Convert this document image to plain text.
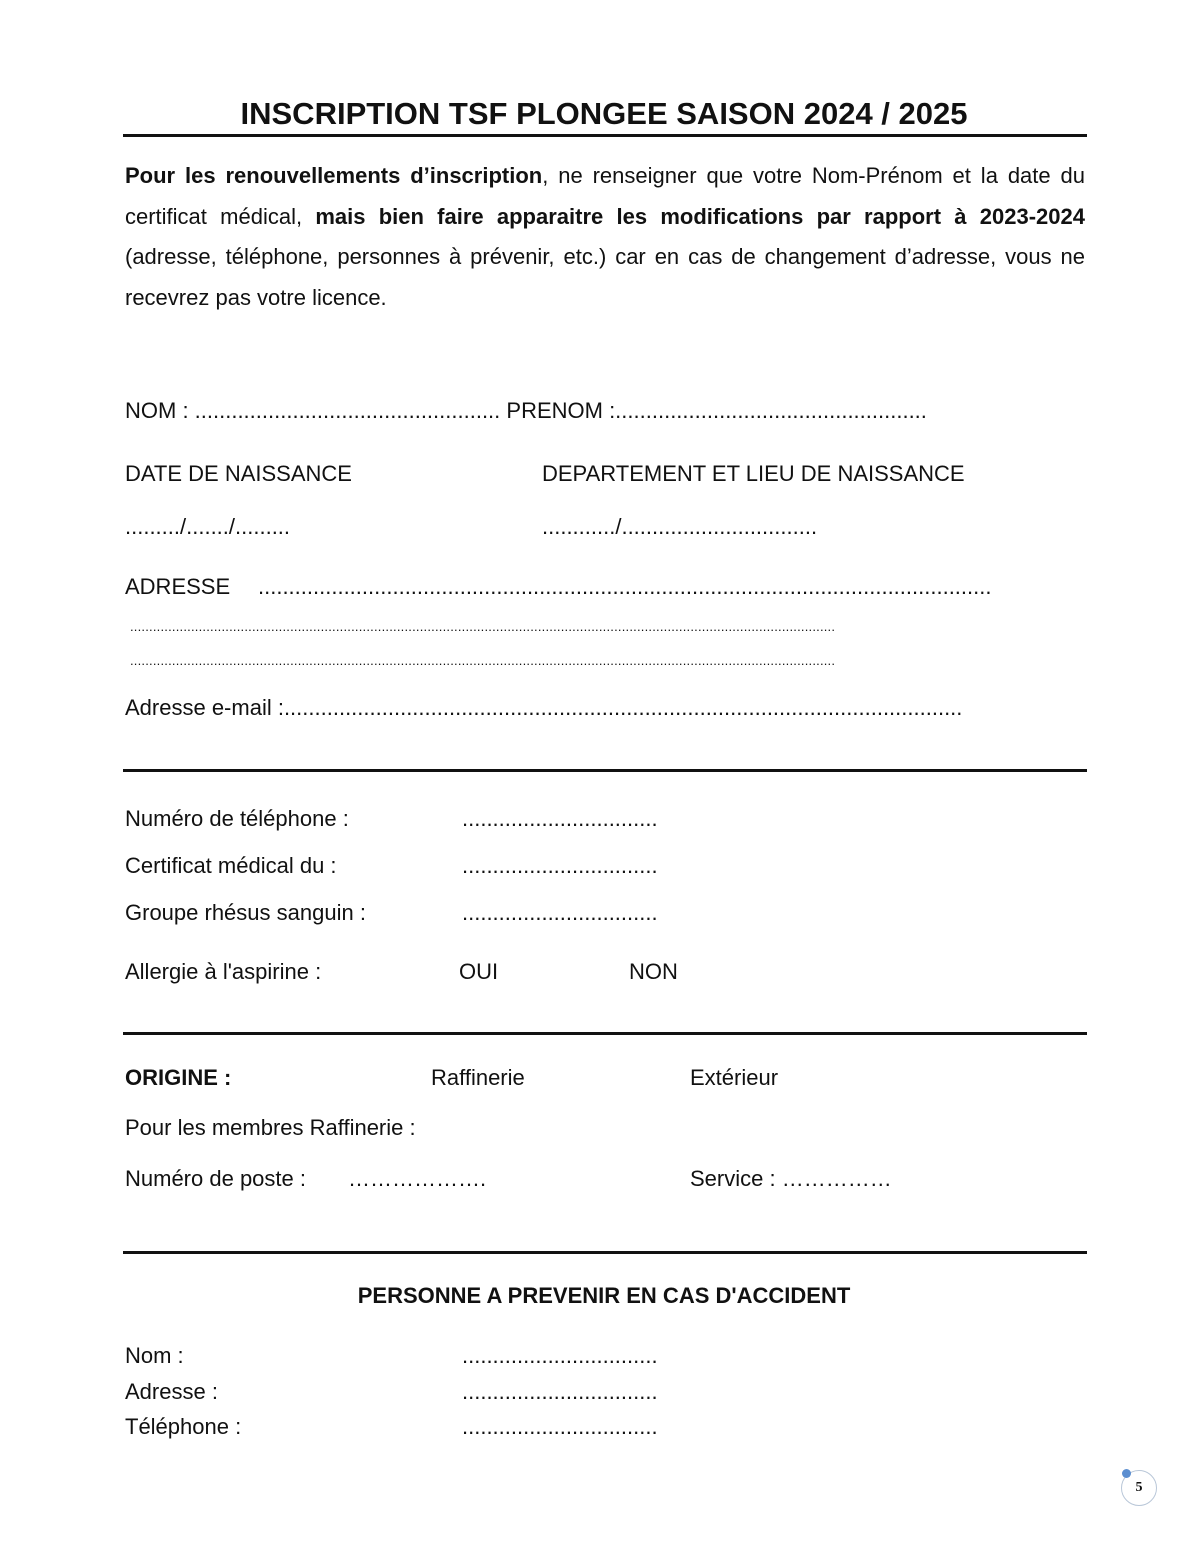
INSCRIPTION TSF PLONGEE SAISON 2024 / 2025
Pour les renouvellements d’inscription, ne renseigner que votre Nom-Prénom et la date du certificat médical, mais bien faire apparaitre les modifications par rapport à 2023-2024 (adresse, téléphone, personnes à prévenir, etc.) car en cas de changement d’adresse, vous ne recevrez pas votre licence.
NOM : .................................................. PRENOM :...................................................
DATE DE NAISSANCE	DEPARTEMENT ET LIEU DE NAISSANCE
........./......./.........	............/................................
ADRESSE ........................................................................................................................
.........................................................................................................................................................................................
.........................................................................................................................................................................................
Adresse e-mail :...............................................................................................................
Numéro de téléphone :	................................
Certificat médical du :	................................
Groupe rhésus sanguin :	................................
Allergie à l'aspirine :	OUI	NON
ORIGINE :	Raffinerie	Extérieur
Pour les membres Raffinerie :
Numéro de poste : ……………….	Service : ……………
PERSONNE A PREVENIR EN CAS D'ACCIDENT
Nom :	................................
Adresse :	................................
Téléphone :	................................
5
